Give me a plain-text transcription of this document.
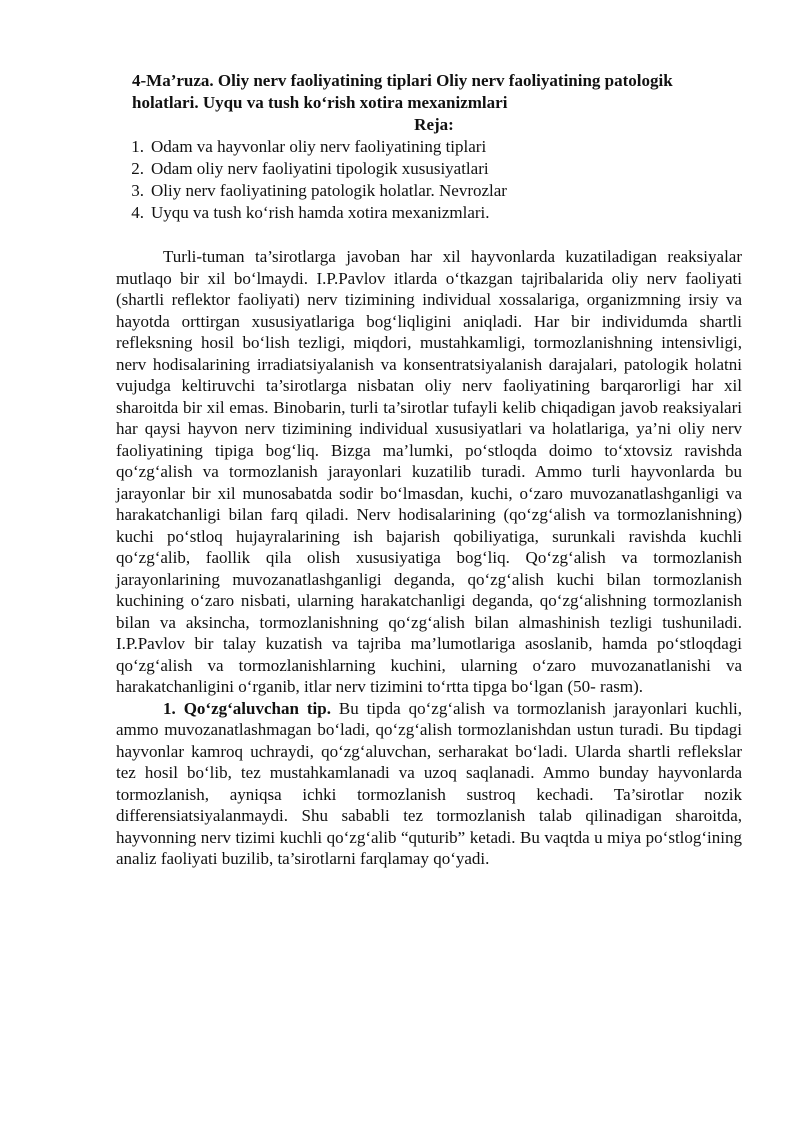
4-Ma’ruza. Oliy nerv faoliyatining tiplari Oliy nerv faoliyatining patologik holatlari. Uyqu va tush ko‘rish xotira mexanizmlari
Reja:
1. Odam va hayvonlar oliy nerv faoliyatining tiplari
2. Odam oliy nerv faoliyatini tipologik xususiyatlari
3. Oliy nerv faoliyatining patologik holatlar. Nevrozlar
4. Uyqu va tush ko‘rish hamda xotira mexanizmlari.

Turli-tuman ta’sirotlarga javoban har xil hayvonlarda kuzatiladigan reaksiyalar mutlaqo bir xil bo‘lmaydi. I.P.Pavlov itlarda o‘tkazgan tajribalarida oliy nerv faoliyati (shartli reflektor faoliyati) nerv tizimining individual xossalariga, organizmning irsiy va hayotda orttirgan xususiyatlariga bog‘liqligini aniqladi. Har bir individumda shartli refleksning hosil bo‘lish tezligi, miqdori, mustahkamligi, tormozlanishning intensivligi, nerv hodisalarining irradiatsiyalanish va konsentratsiyalanish darajalari, patologik holatni vujudga keltiruvchi ta’sirotlarga nisbatan oliy nerv faoliyatining barqarorligi har xil sharoitda bir xil emas. Binobarin, turli ta’sirotlar tufayli kelib chiqadigan javob reaksiyalari har qaysi hayvon nerv tizimining individual xususiyatlari va holatlariga, ya’ni oliy nerv faoliyatining tipiga bog‘liq. Bizga ma’lumki, po‘stloqda doimo to‘xtovsiz ravishda qo‘zg‘alish va tormozlanish jarayonlari kuzatilib turadi. Ammo turli hayvonlarda bu jarayonlar bir xil munosabatda sodir bo‘lmasdan, kuchi, o‘zaro muvozanatlashganligi va harakatchanligi bilan farq qiladi. Nerv hodisalarining (qo‘zg‘alish va tormozlanishning) kuchi po‘stloq hujayralarining ish bajarish qobiliyatiga, surunkali ravishda kuchli qo‘zg‘alib, faollik qila olish xususiyatiga bog‘liq. Qo‘zg‘alish va tormozlanish jarayonlarining muvozanatlashganligi deganda, qo‘zg‘alish kuchi bilan tormozlanish kuchining o‘zaro nisbati, ularning harakatchanligi deganda, qo‘zg‘alishning tormozlanish bilan va aksincha, tormozlanishning qo‘zg‘alish bilan almashinish tezligi tushuniladi. I.P.Pavlov bir talay kuzatish va tajriba ma’lumotlariga asoslanib, hamda po‘stloqdagi qo‘zg‘alish va tormozlanishlarning kuchini, ularning o‘zaro muvozanatlanishi va harakatchanligini o‘rganib, itlar nerv tizimini to‘rtta tipga bo‘lgan (50- rasm).

1. Qo‘zg‘aluvchan tip. Bu tipda qo‘zg‘alish va tormozlanish jarayonlari kuchli, ammo muvozanatlashmagan bo‘ladi, qo‘zg‘alish tormozlanishdan ustun turadi. Bu tipdagi hayvonlar kamroq uchraydi, qo‘zg‘aluvchan, serharakat bo‘ladi. Ularda shartli reflekslar tez hosil bo‘lib, tez mustahkamlanadi va uzoq saqlanadi. Ammo bunday hayvonlarda tormozlanish, ayniqsa ichki tormozlanish sustroq kechadi. Ta’sirotlar nozik differensiatsiyalanmaydi. Shu sababli tez tormozlanish talab qilinadigan sharoitda, hayvonning nerv tizimi kuchli qo‘zg‘alib “quturib” ketadi. Bu vaqtda u miya po‘stlog‘ining analiz faoliyati buzilib, ta’sirotlarni farqlamay qo‘yadi.
